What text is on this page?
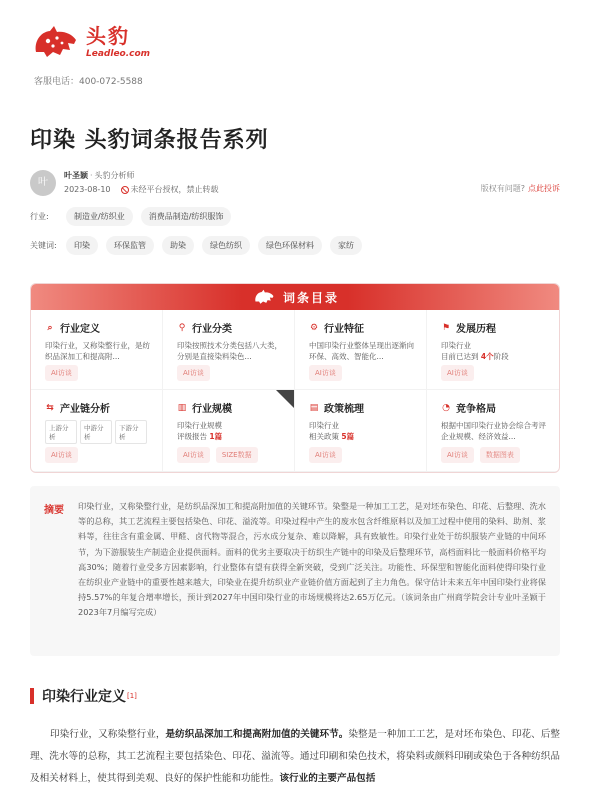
头豹
Leadleo.com
客服电话：400-072-5588
印染 头豹词条报告系列
叶
叶圣颖 · 头豹分析师
2023-08-10	未经平台授权，禁止转载	版权有问题? 点此投诉
行业:	制造业/纺织业	消费品制造/纺织服饰
关键词:	印染	环保监管	助染	绿色纺织	绿色环保材料	家纺
词条目录
⌕ 行业定义
印染行业，又称染整行业，是纺织品深加工和提高附...
AI访谈
⚲ 行业分类
印染按照技术分类包括八大类，分别是直接染料染色...
AI访谈
⚙ 行业特征
中国印染行业整体呈现出逐渐向环保、高效、智能化...
AI访谈
⚑ 发展历程
印染行业
目前已达到 4个阶段
AI访谈
⇆ 产业链分析
上游分析
中游分析
下游分析
AI访谈
▥ 行业规模
印染行业规模
评级报告 1篇
AI访谈	SIZE数据
▤ 政策梳理
印染行业
相关政策 5篇
AI访谈
◔ 竞争格局
根据中国印染行业协会综合考评企业规模、经济效益...
AI访谈	数据图表
摘要 印染行业，又称染整行业，是纺织品深加工和提高附加值的关键环节。染整是一种加工工艺，是对坯布染色、印花、后整理、洗水等的总称，其工艺流程主要包括染色、印花、溢流等。印染过程中产生的废水包含纤维原料以及加工过程中使用的染料、助剂、浆料等，往往含有重金属、甲醛、卤代物等混合，污水成分复杂、难以降解，具有致敏性。印染行业处于纺织服装产业链的中间环节，为下游服装生产制造企业提供面料。面料的优劣主要取决于纺织生产链中的印染及后整理环节，高档面料比一般面料价格平均高30%；随着行业受多方因素影响，行业整体有望有获得全新突破，受到广泛关注。功能性、环保型和智能化面料使得印染行业在纺织业产业链中的重要性越来越大，印染业在提升纺织业产业链价值方面起到了主力角色。保守估计未来五年中国印染行业将保持5.57%的年复合增率增长，预计到2027年中国印染行业的市场规模将达2.65万亿元。（该词条由广州商学院会计专业叶圣颖于2023年7月编写完成）
印染行业定义 [1]
印染行业，又称染整行业，是纺织品深加工和提高附加值的关键环节。染整是一种加工工艺，是对坯布染色、印花、后整理、洗水等的总称，其工艺流程主要包括染色、印花、溢流等。通过印刷和染色技术，将染料或颜料印刷或染色于各种纺织品及相关材料上，使其得到美观、良好的保护性能和功能性。该行业的主要产品包括
